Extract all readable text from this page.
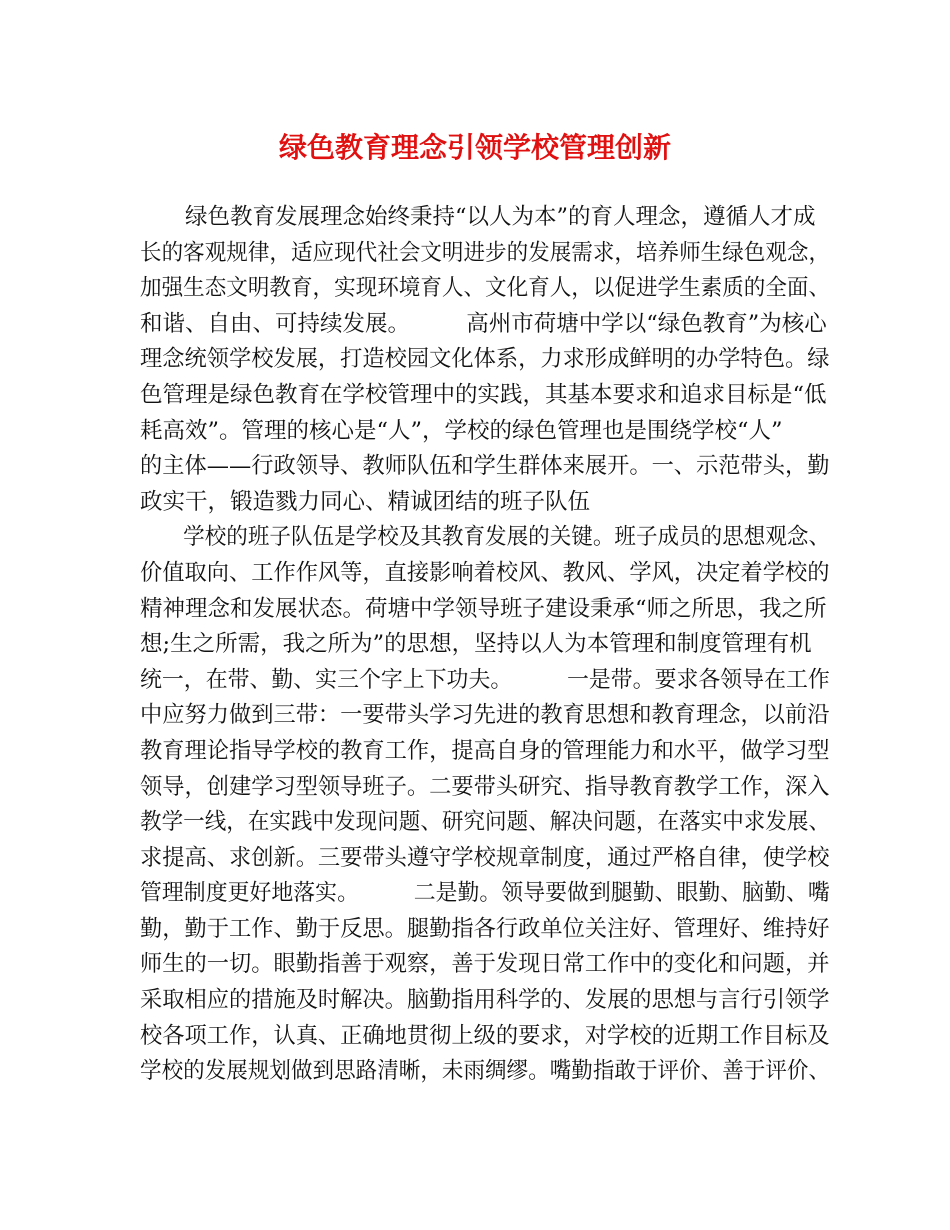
绿色教育理念引领学校管理创新
　　绿色教育发展理念始终秉持“以人为本”的育人理念，遵循人才成
长的客观规律，适应现代社会文明进步的发展需求，培养师生绿色观念，
加强生态文明教育，实现环境育人、文化育人，以促进学生素质的全面、
和谐、自由、可持续发展。　　　高州市荷塘中学以“绿色教育”为核心
理念统领学校发展，打造校园文化体系，力求形成鲜明的办学特色。绿
色管理是绿色教育在学校管理中的实践，其基本要求和追求目标是“低
耗高效”。管理的核心是“人”，学校的绿色管理也是围绕学校“人”
的主体——行政领导、教师队伍和学生群体来展开。一、示范带头，勤
政实干，锻造戮力同心、精诚团结的班子队伍
　　学校的班子队伍是学校及其教育发展的关键。班子成员的思想观念、
价值取向、工作作风等，直接影响着校风、教风、学风，决定着学校的
精神理念和发展状态。荷塘中学领导班子建设秉承“师之所思，我之所
想;生之所需，我之所为”的思想，坚持以人为本管理和制度管理有机
统一，在带、勤、实三个字上下功夫。　　　一是带。要求各领导在工作
中应努力做到三带：一要带头学习先进的教育思想和教育理念，以前沿
教育理论指导学校的教育工作，提高自身的管理能力和水平，做学习型
领导，创建学习型领导班子。二要带头研究、指导教育教学工作，深入
教学一线，在实践中发现问题、研究问题、解决问题，在落实中求发展、
求提高、求创新。三要带头遵守学校规章制度，通过严格自律，使学校
管理制度更好地落实。　　　二是勤。领导要做到腿勤、眼勤、脑勤、嘴
勤，勤于工作、勤于反思。腿勤指各行政单位关注好、管理好、维持好
师生的一切。眼勤指善于观察，善于发现日常工作中的变化和问题，并
采取相应的措施及时解决。脑勤指用科学的、发展的思想与言行引领学
校各项工作，认真、正确地贯彻上级的要求，对学校的近期工作目标及
学校的发展规划做到思路清晰，未雨绸缪。嘴勤指敢于评价、善于评价、
